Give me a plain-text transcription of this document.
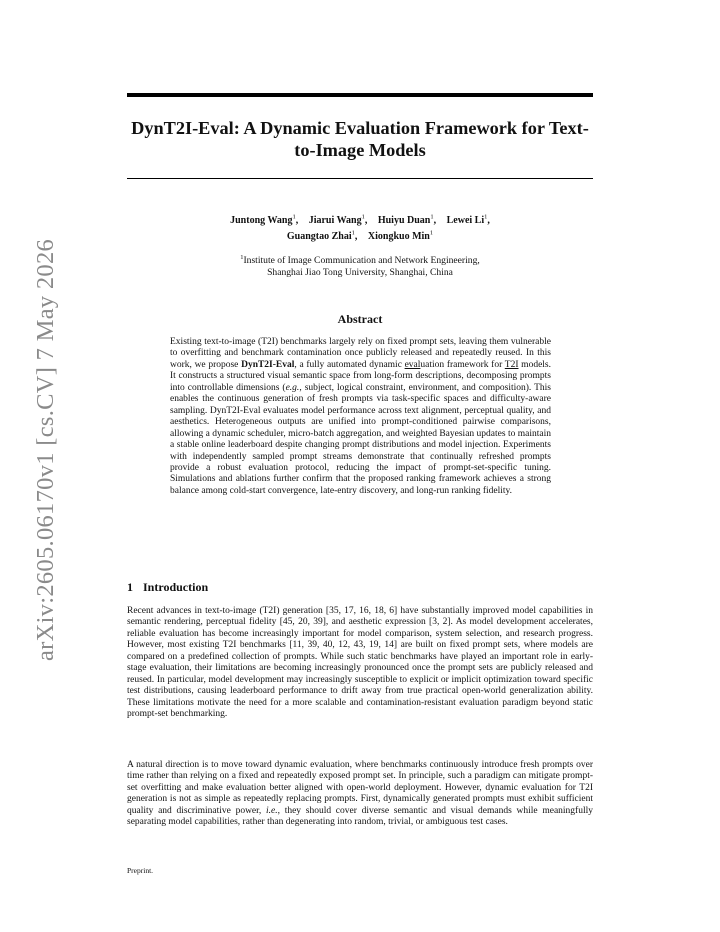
arXiv:2605.06170v1 [cs.CV] 7 May 2026
DynT2I-Eval: A Dynamic Evaluation Framework for Text-to-Image Models
Juntong Wang$^1$, Jiarui Wang$^1$, Huiyu Duan$^1$, Lewei Li$^1$,
Guangtao Zhai$^1$, Xiongkuo Min$^1$
$^1$Institute of Image Communication and Network Engineering,
Shanghai Jiao Tong University, Shanghai, China
Abstract

Existing text-to-image (T2I) benchmarks largely rely on fixed prompt sets, leaving them vulnerable to overfitting and benchmark contamination once publicly released and repeatedly reused. In this work, we propose DynT2I-Eval, a fully automated dynamic evaluation framework for T2I models. It constructs a structured visual semantic space from long-form descriptions, decomposing prompts into controllable dimensions (e.g., subject, logical constraint, environment, and composition). This enables the continuous generation of fresh prompts via task-specific spaces and difficulty-aware sampling. DynT2I-Eval evaluates model performance across text alignment, perceptual quality, and aesthetics. Heterogeneous outputs are unified into prompt-conditioned pairwise comparisons, allowing a dynamic scheduler, micro-batch aggregation, and weighted Bayesian updates to maintain a stable online leaderboard despite changing prompt distributions and model injection. Experiments with independently sampled prompt streams demonstrate that continually refreshed prompts provide a robust evaluation protocol, reducing the impact of prompt-set-specific tuning. Simulations and ablations further confirm that the proposed ranking framework achieves a strong balance among cold-start convergence, late-entry discovery, and long-run ranking fidelity.

1 Introduction

Recent advances in text-to-image (T2I) generation [35, 17, 16, 18, 6] have substantially improved model capabilities in semantic rendering, perceptual fidelity [45, 20, 39], and aesthetic expression [3, 2]. As model development accelerates, reliable evaluation has become increasingly important for model comparison, system selection, and research progress. However, most existing T2I benchmarks [11, 39, 40, 12, 43, 19, 14] are built on fixed prompt sets, where models are compared on a predefined collection of prompts. While such static benchmarks have played an important role in early-stage evaluation, their limitations are becoming increasingly pronounced once the prompt sets are publicly released and reused. In particular, model development may increasingly susceptible to explicit or implicit optimization toward specific test distributions, causing leaderboard performance to drift away from true practical open-world generalization ability. These limitations motivate the need for a more scalable and contamination-resistant evaluation paradigm beyond static prompt-set benchmarking.

A natural direction is to move toward dynamic evaluation, where benchmarks continuously introduce fresh prompts over time rather than relying on a fixed and repeatedly exposed prompt set. In principle, such a paradigm can mitigate prompt-set overfitting and make evaluation better aligned with open-world deployment. However, dynamic evaluation for T2I generation is not as simple as repeatedly replacing prompts. First, dynamically generated prompts must exhibit sufficient quality and discriminative power, i.e., they should cover diverse semantic and visual demands while meaningfully separating model capabilities, rather than degenerating into random, trivial, or ambiguous test cases.

Preprint.
